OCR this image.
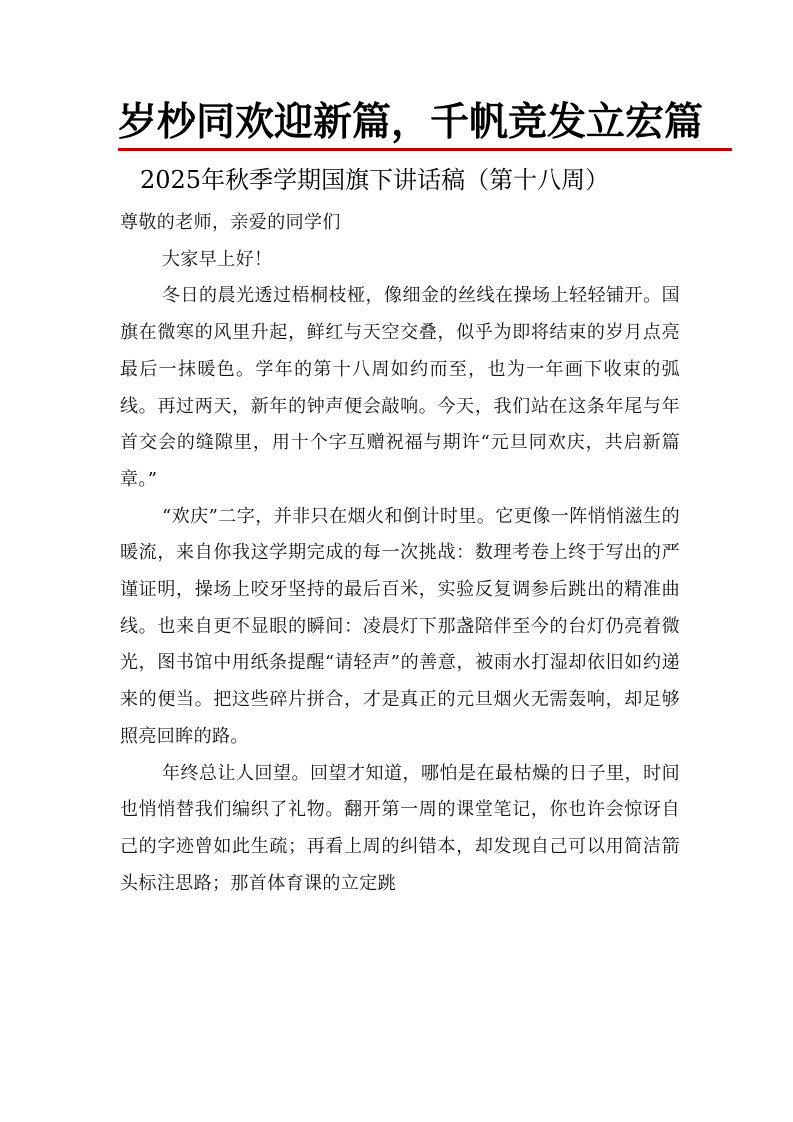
岁杪同欢迎新篇，千帆竞发立宏篇
2025年秋季学期国旗下讲话稿（第十八周）

尊敬的老师，亲爱的同学们

大家早上好！

冬日的晨光透过梧桐枝桠，像细金的丝线在操场上轻轻铺开。国旗在微寒的风里升起，鲜红与天空交叠，似乎为即将结束的岁月点亮最后一抹暖色。学年的第十八周如约而至，也为一年画下收束的弧线。再过两天，新年的钟声便会敲响。今天，我们站在这条年尾与年首交会的缝隙里，用十个字互赠祝福与期许“元旦同欢庆，共启新篇章。”

“欢庆”二字，并非只在烟火和倒计时里。它更像一阵悄悄滋生的暖流，来自你我这学期完成的每一次挑战：数理考卷上终于写出的严谨证明，操场上咬牙坚持的最后百米，实验反复调参后跳出的精准曲线。也来自更不显眼的瞬间：凌晨灯下那盏陪伴至今的台灯仍亮着微光，图书馆中用纸条提醒“请轻声”的善意，被雨水打湿却依旧如约递来的便当。把这些碎片拼合，才是真正的元旦烟火无需轰响，却足够照亮回眸的路。

年终总让人回望。回望才知道，哪怕是在最枯燥的日子里，时间也悄悄替我们编织了礼物。翻开第一周的课堂笔记，你也许会惊讶自己的字迹曾如此生疏；再看上周的纠错本，却发现自己可以用简洁箭头标注思路；那首体育课的立定跳
